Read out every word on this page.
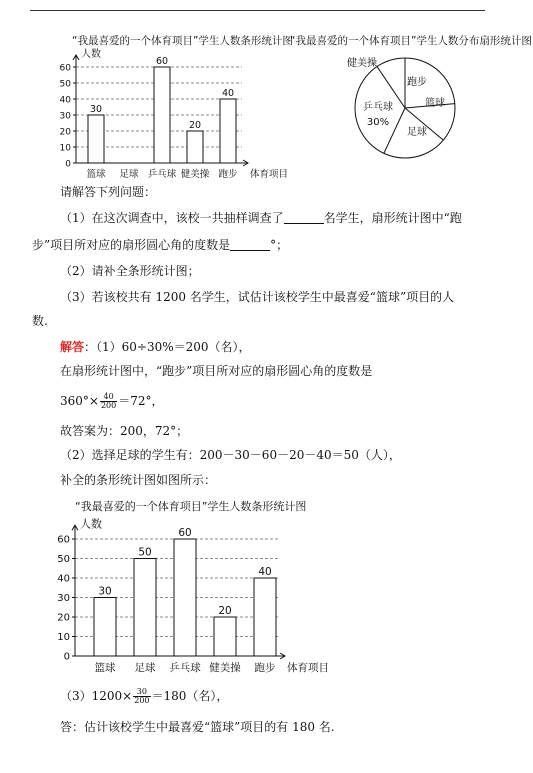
“我最喜爱的一个体育项目”学生人数条形统计图
0
10
20
30
40
50
60
人数
体育项目
30
篮球 足球
60
乒乓球
20
健美操
40
跑步
“我最喜爱的一个体育项目”学生人数分布扇形统计图
健美操
跑步
篮球
足球
乒乓球
30%
请解答下列问题：
（1）在这次调查中，该校一共抽样调查了	名学生，扇形统计图中“跑
步”项目所对应的扇形圆心角的度数是	°；
（2）请补全条形统计图；
（3）若该校共有 1200 名学生，试估计该校学生中最喜爱“篮球”项目的人
数.
解答：（1）60÷30%＝200（名），
在扇形统计图中，“跑步”项目所对应的扇形圆心角的度数是
$360^\circ\times \frac{40}{200} =72^\circ$，
故答案为：200，72°；
（2）选择足球的学生有：200－30－60－20－40＝50（人），
补全的条形统计图如图所示：
“我最喜爱的一个体育项目”学生人数条形统计图
0
10
20
30
40
50
60
人数
体育项目
30
篮球
50
足球
60
乒乓球
20
健美操
40
跑步
$(3)1200\times \frac{30}{200} =180$（名），
答：估计该校学生中最喜爱“篮球”项目的有 180 名.
